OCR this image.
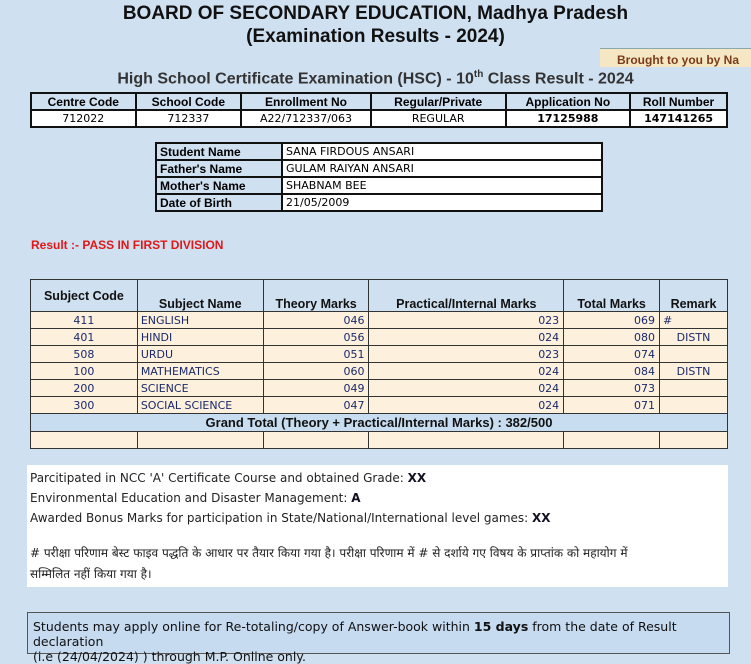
BOARD OF SECONDARY EDUCATION, Madhya Pradesh
(Examination Results - 2024)
Brought to you by Na
High School Certificate Examination (HSC) - 10th Class Result - 2024
Centre Code	School Code	Enrollment No	Regular/Private	Application No	Roll Number
712022	712337	A22/712337/063	REGULAR	17125988	147141265
Student Name	SANA FIRDOUS ANSARI
Father's Name	GULAM RAIYAN ANSARI
Mother's Name	SHABNAM BEE
Date of Birth	21/05/2009
Result :- PASS IN FIRST DIVISION
Subject Code	Subject Name	Theory Marks	Practical/Internal Marks	Total Marks	Remark
411	ENGLISH	046	023	069	#
401	HINDI	056	024	080	DISTN
508	URDU	051	023	074	
100	MATHEMATICS	060	024	084	DISTN
200	SCIENCE	049	024	073	
300	SOCIAL SCIENCE	047	024	071	
Grand Total (Theory + Practical/Internal Marks) : 382/500					

Parcitipated in NCC 'A' Certificate Course and obtained Grade: XX

Environmental Education and Disaster Management: A

Awarded Bonus Marks for participation in State/National/International level games: XX

# परीक्षा परिणाम बेस्ट फाइव पद्धति के आधार पर तैयार किया गया है। परीक्षा परिणाम में # से दर्शाये गए विषय के प्राप्तांक को महायोग में

सम्मिलित नहीं किया गया है।

Students may apply online for Re-totaling/copy of Answer-book within 15 days from the date of Result declaration
(i.e (24/04/2024) ) through M.P. Online only.
